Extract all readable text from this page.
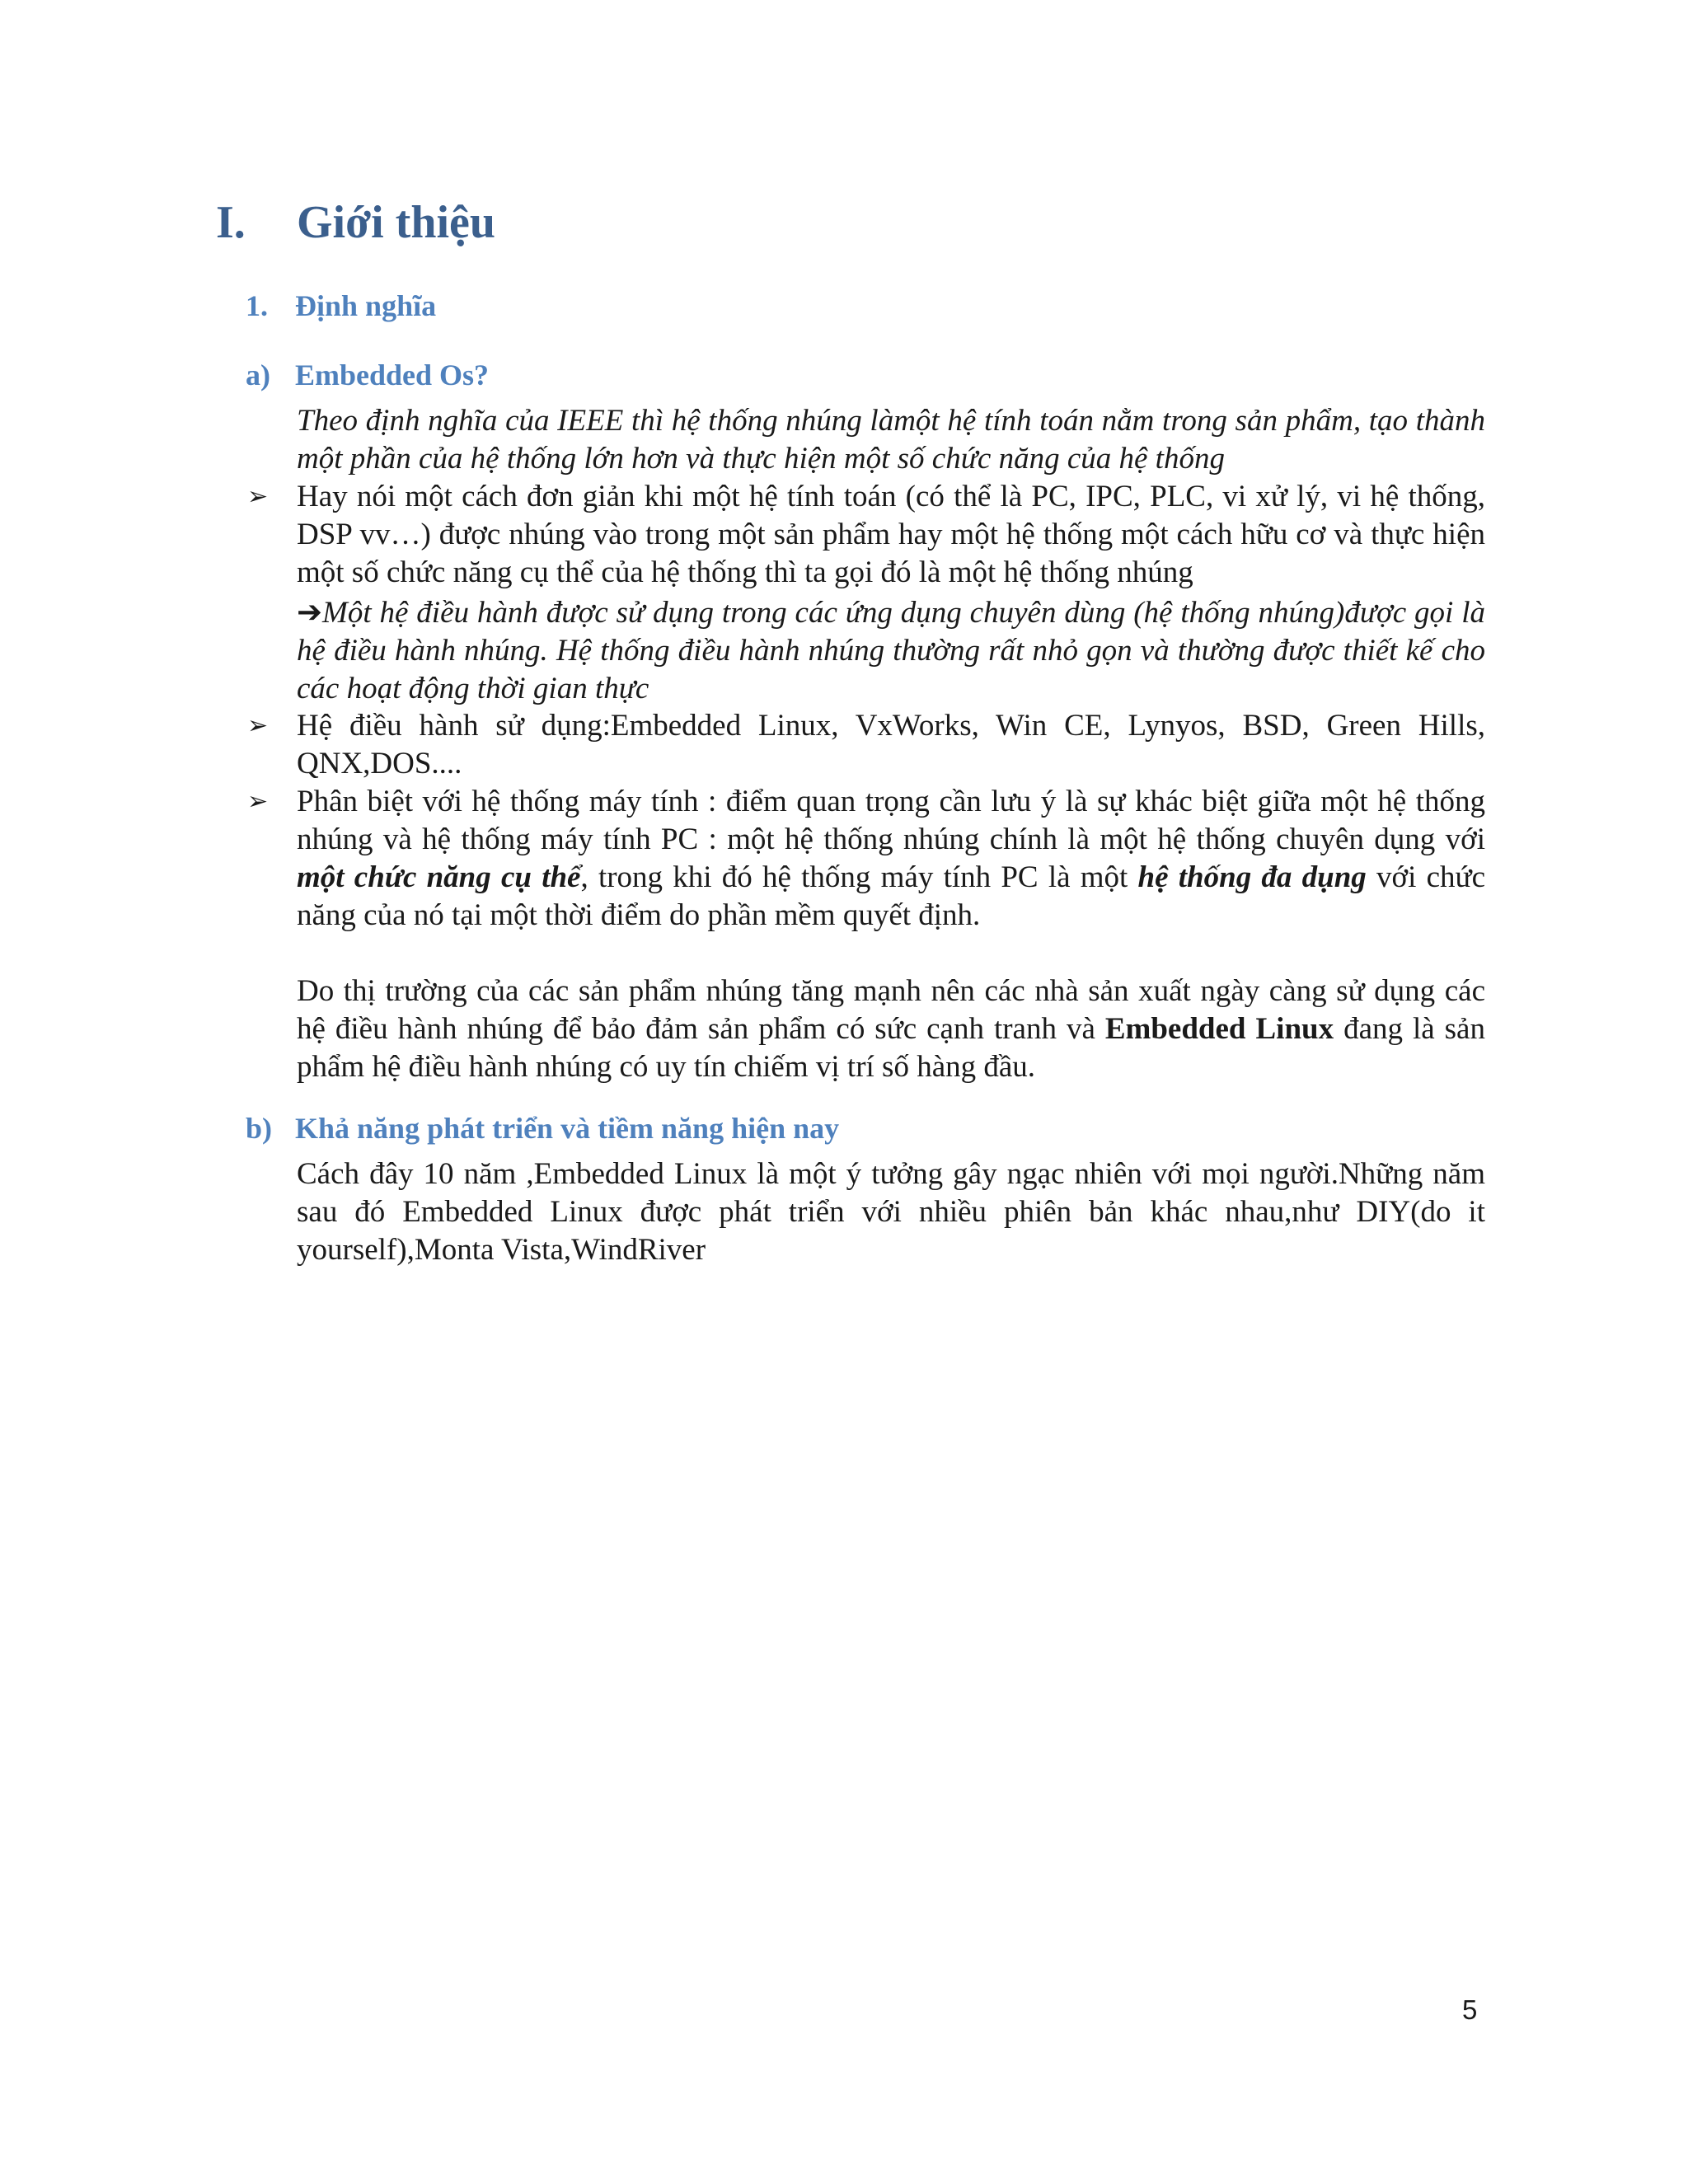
I. Giới thiệu
1. Định nghĩa
a) Embedded Os?
Theo định nghĩa của IEEE thì hệ thống nhúng làmột hệ tính toán nằm trong sản phẩm, tạo thành một phần của hệ thống lớn hơn và thực hiện một số chức năng của hệ thống
➢ Hay nói một cách đơn giản khi một hệ tính toán (có thể là PC, IPC, PLC, vi xử lý, vi hệ thống, DSP vv…) được nhúng vào trong một sản phẩm hay một hệ thống một cách hữu cơ và thực hiện một số chức năng cụ thể của hệ thống thì ta gọi đó là một hệ thống nhúng
➔Một hệ điều hành được sử dụng trong các ứng dụng chuyên dùng (hệ thống nhúng)được gọi là hệ điều hành nhúng. Hệ thống điều hành nhúng thường rất nhỏ gọn và thường được thiết kế cho các hoạt động thời gian thực
➢ Hệ điều hành sử dụng:Embedded Linux, VxWorks, Win CE, Lynyos, BSD, Green Hills, QNX,DOS....
➢ Phân biệt với hệ thống máy tính : điểm quan trọng cần lưu ý là sự khác biệt giữa một hệ thống nhúng và hệ thống máy tính PC : một hệ thống nhúng chính là một hệ thống chuyên dụng với một chức năng cụ thể, trong khi đó hệ thống máy tính PC là một hệ thống đa dụng với chức năng của nó tại một thời điểm do phần mềm quyết định.
Do thị trường của các sản phẩm nhúng tăng mạnh nên các nhà sản xuất ngày càng sử dụng các hệ điều hành nhúng để bảo đảm sản phẩm có sức cạnh tranh và Embedded Linux đang là sản phẩm hệ điều hành nhúng có uy tín chiếm vị trí số hàng đầu.
b) Khả năng phát triển và tiềm năng hiện nay
Cách đây 10 năm ,Embedded Linux là một ý tưởng gây ngạc nhiên với mọi người.Những năm sau đó Embedded Linux được phát triển với nhiều phiên bản khác nhau,như DIY(do it yourself),Monta Vista,WindRiver
5
